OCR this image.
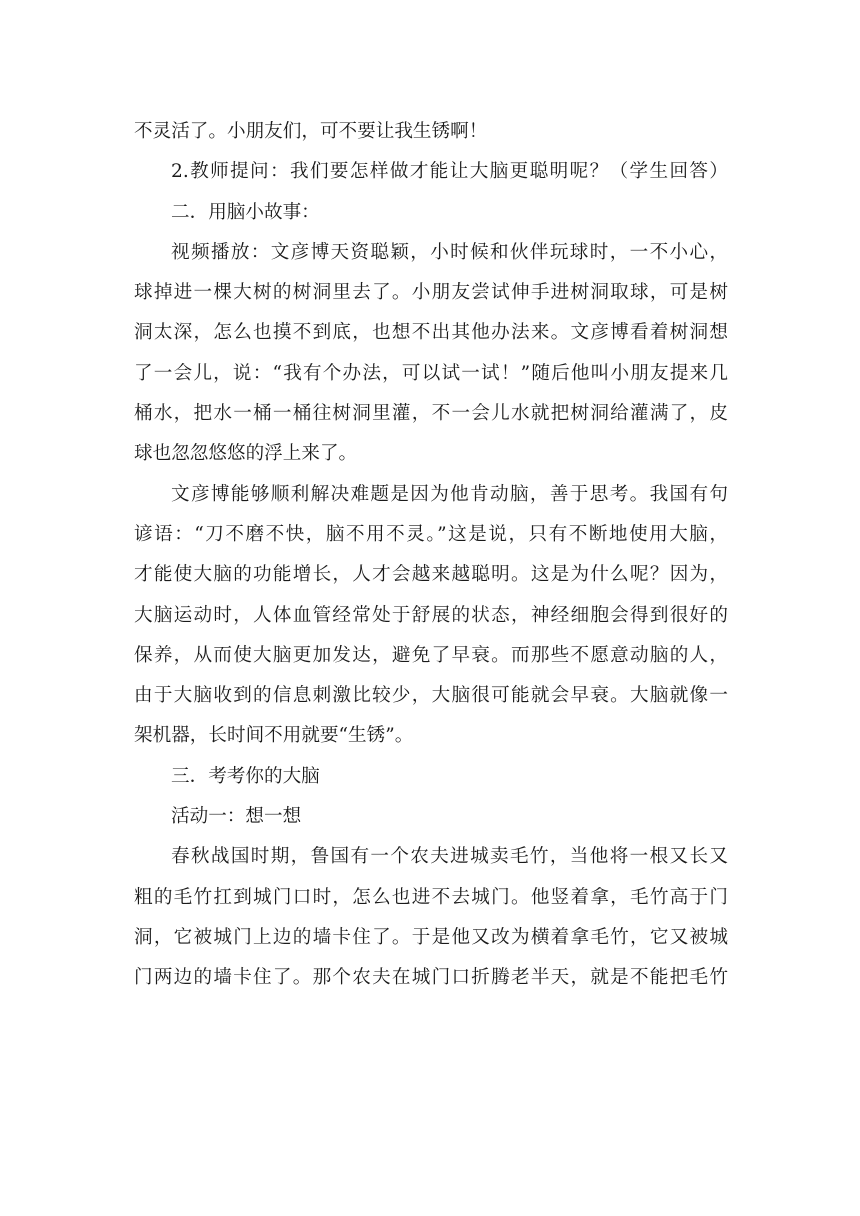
不灵活了。小朋友们，可不要让我生锈啊！
2.教师提问：我们要怎样做才能让大脑更聪明呢？（学生回答）
二．用脑小故事：
视频播放：文彦博天资聪颖，小时候和伙伴玩球时，一不小心，
球掉进一棵大树的树洞里去了。小朋友尝试伸手进树洞取球，可是树
洞太深，怎么也摸不到底，也想不出其他办法来。文彦博看着树洞想
了一会儿，说：“我有个办法，可以试一试！”随后他叫小朋友提来几
桶水，把水一桶一桶往树洞里灌，不一会儿水就把树洞给灌满了，皮
球也忽忽悠悠的浮上来了。
文彦博能够顺利解决难题是因为他肯动脑，善于思考。我国有句
谚语：“刀不磨不快，脑不用不灵。”这是说，只有不断地使用大脑，
才能使大脑的功能增长，人才会越来越聪明。这是为什么呢？因为，
大脑运动时，人体血管经常处于舒展的状态，神经细胞会得到很好的
保养，从而使大脑更加发达，避免了早衰。而那些不愿意动脑的人，
由于大脑收到的信息刺激比较少，大脑很可能就会早衰。大脑就像一
架机器，长时间不用就要“生锈”。
三．考考你的大脑
活动一：想一想
春秋战国时期，鲁国有一个农夫进城卖毛竹，当他将一根又长又
粗的毛竹扛到城门口时，怎么也进不去城门。他竖着拿，毛竹高于门
洞，它被城门上边的墙卡住了。于是他又改为横着拿毛竹，它又被城
门两边的墙卡住了。那个农夫在城门口折腾老半天，就是不能把毛竹
